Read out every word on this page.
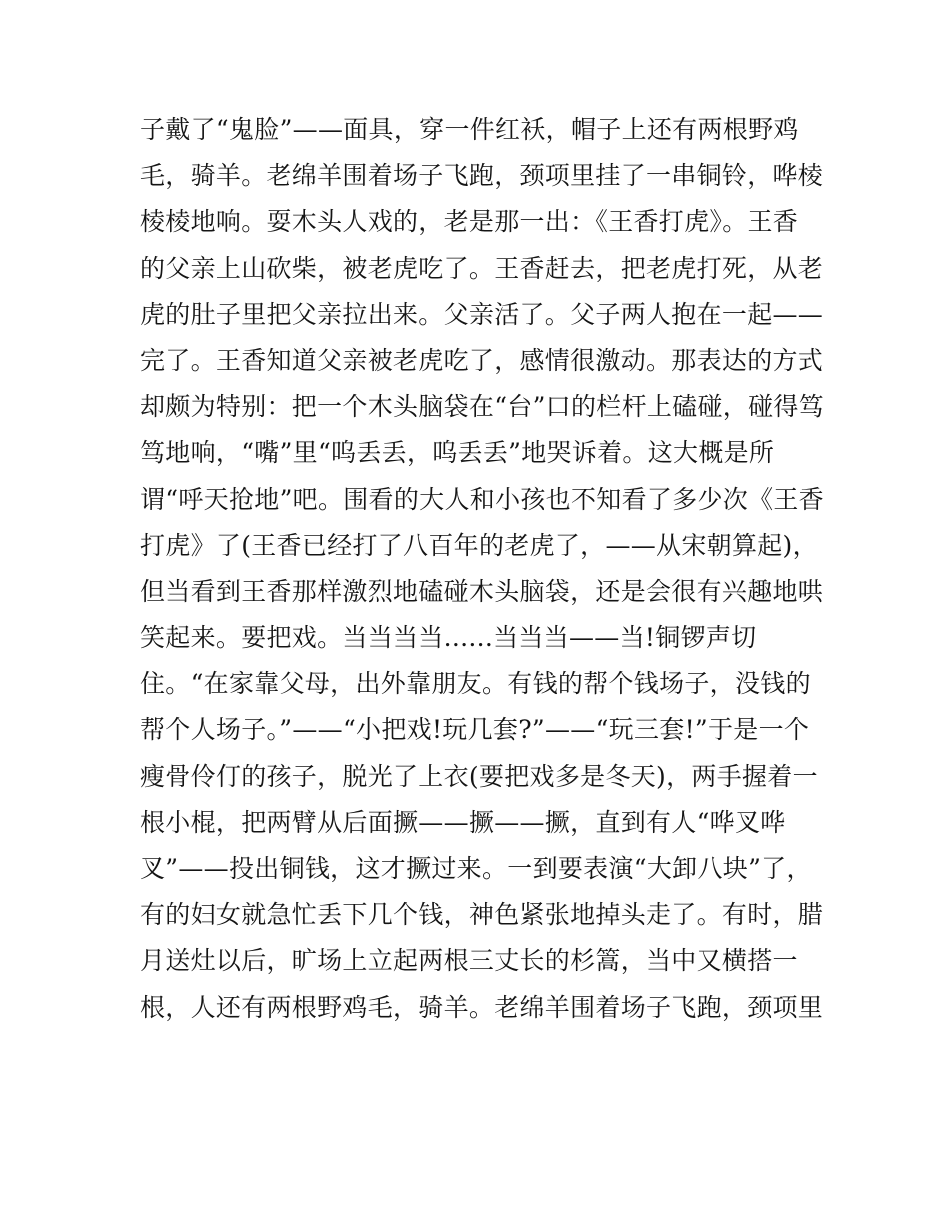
子戴了“鬼脸”——面具，穿一件红袄，帽子上还有两根野鸡
毛，骑羊。老绵羊围着场子飞跑，颈项里挂了一串铜铃，哗棱
棱棱地响。耍木头人戏的，老是那一出：《王香打虎》。王香
的父亲上山砍柴，被老虎吃了。王香赶去，把老虎打死，从老
虎的肚子里把父亲拉出来。父亲活了。父子两人抱在一起——
完了。王香知道父亲被老虎吃了，感情很激动。那表达的方式
却颇为特别：把一个木头脑袋在“台”口的栏杆上磕碰，碰得笃
笃地响，“嘴”里“呜丢丢，呜丢丢”地哭诉着。这大概是所
谓“呼天抢地”吧。围看的大人和小孩也不知看了多少次《王香
打虎》了(王香已经打了八百年的老虎了，——从宋朝算起)，
但当看到王香那样激烈地磕碰木头脑袋，还是会很有兴趣地哄
笑起来。要把戏。当当当当......当当当——当!铜锣声切
住。“在家靠父母，出外靠朋友。有钱的帮个钱场子，没钱的
帮个人场子。”——“小把戏!玩几套?”——“玩三套!”于是一个
瘦骨伶仃的孩子，脱光了上衣(要把戏多是冬天)，两手握着一
根小棍，把两臂从后面撅——撅——撅，直到有人“哗叉哗
叉”——投出铜钱，这才撅过来。一到要表演“大卸八块”了，
有的妇女就急忙丢下几个钱，神色紧张地掉头走了。有时，腊
月送灶以后，旷场上立起两根三丈长的杉篙，当中又横搭一
根，人还有两根野鸡毛，骑羊。老绵羊围着场子飞跑，颈项里
